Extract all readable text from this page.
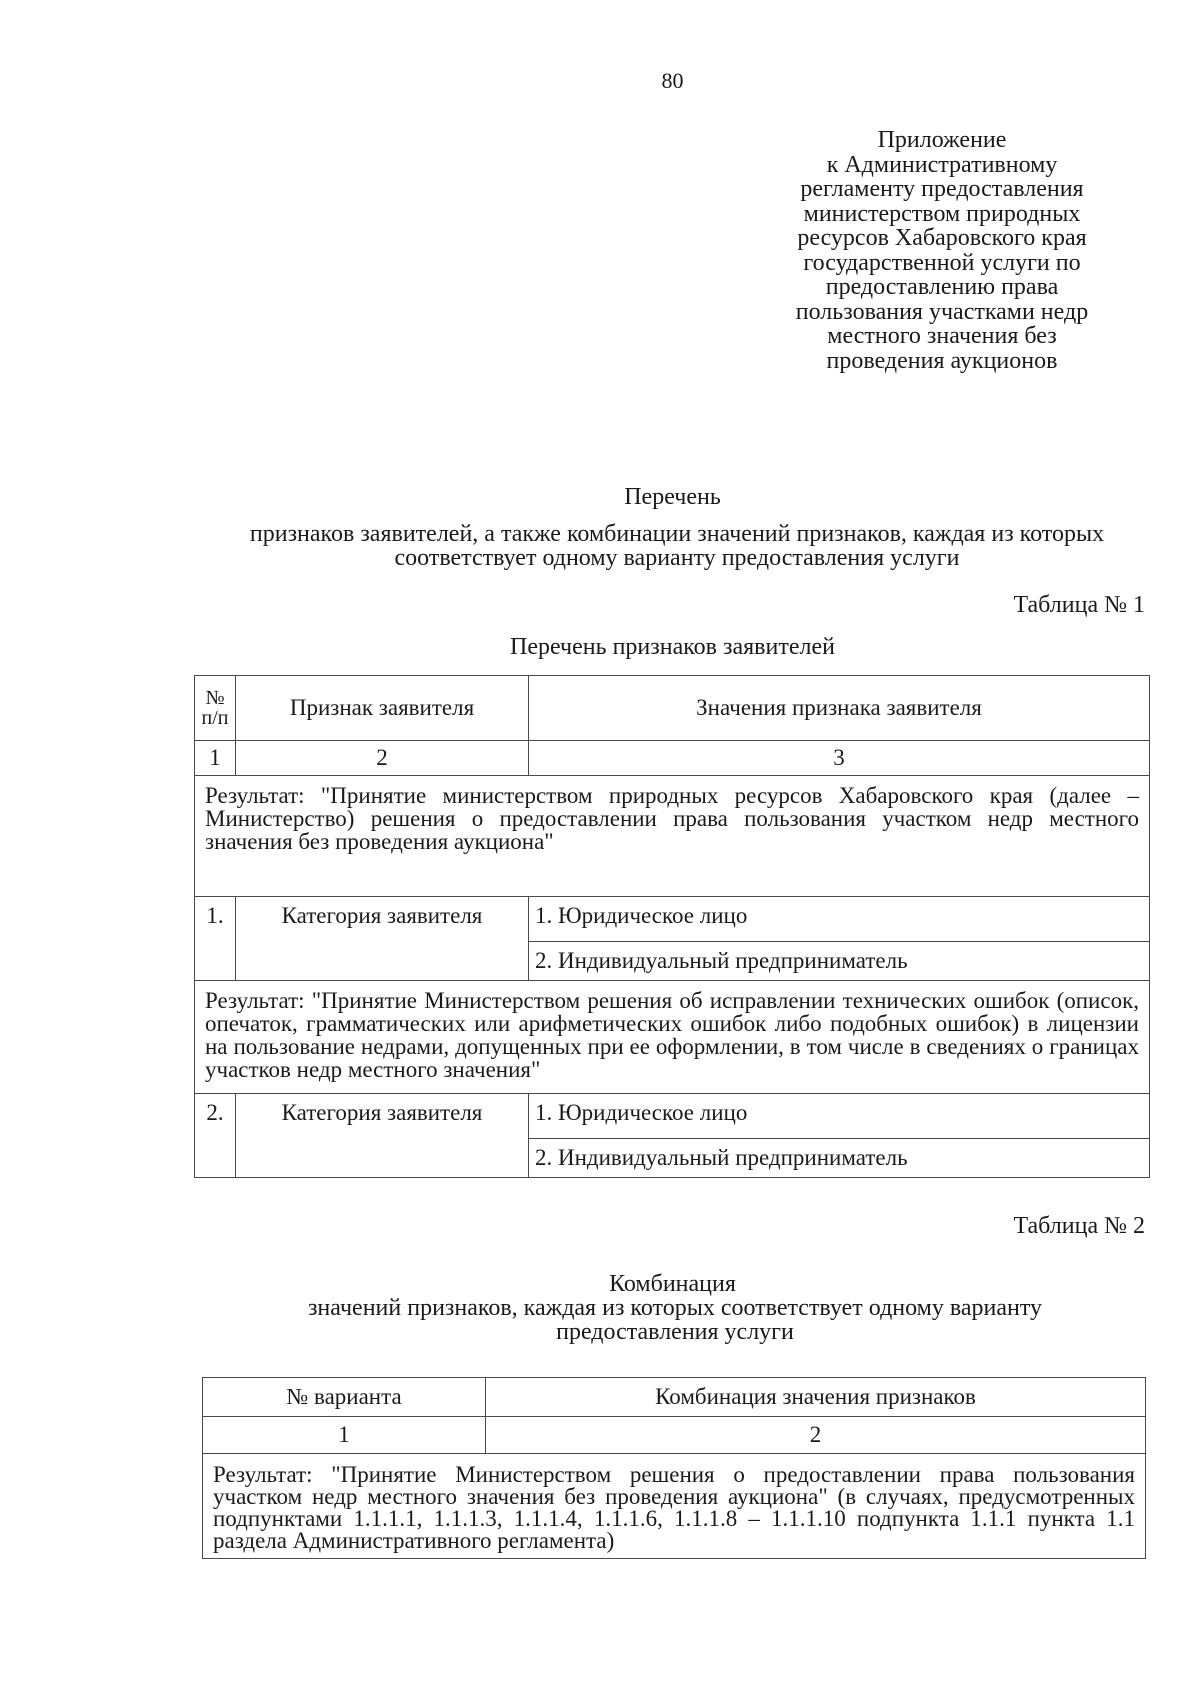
80
Приложение
к Административному
регламенту предоставления
министерством природных
ресурсов Хабаровского края
государственной услуги по
предоставлению права
пользования участками недр
местного значения без
проведения аукционов
Перечень
признаков заявителей, а также комбинации значений признаков, каждая из которых соответствует одному варианту предоставления услуги
Таблица № 1
Перечень признаков заявителей
№ п/п	Признак заявителя	Значения признака заявителя
1	2	3
Результат: "Принятие министерством природных ресурсов Хабаровского края (далее – Министерство) решения о предоставлении права пользования участком недр местного значения без проведения аукциона"		
1.	Категория заявителя	1. Юридическое лицо
		2. Индивидуальный предприниматель
Результат: "Принятие Министерством решения об исправлении технических ошибок (описок, опечаток, грамматических или арифметических ошибок либо подобных ошибок) в лицензии на пользование недрами, допущенных при ее оформлении, в том числе в сведениях о границах участков недр местного значения"		
2.	Категория заявителя	1. Юридическое лицо
		2. Индивидуальный предприниматель
Таблица № 2
Комбинация
значений признаков, каждая из которых соответствует одному варианту предоставления услуги
№ варианта	Комбинация значения признаков
1	2
Результат: "Принятие Министерством решения о предоставлении права пользования участком недр местного значения без проведения аукциона" (в случаях, предусмотренных подпунктами 1.1.1.1, 1.1.1.3, 1.1.1.4, 1.1.1.6, 1.1.1.8 – 1.1.1.10 подпункта 1.1.1 пункта 1.1 раздела Административного регламента)	
